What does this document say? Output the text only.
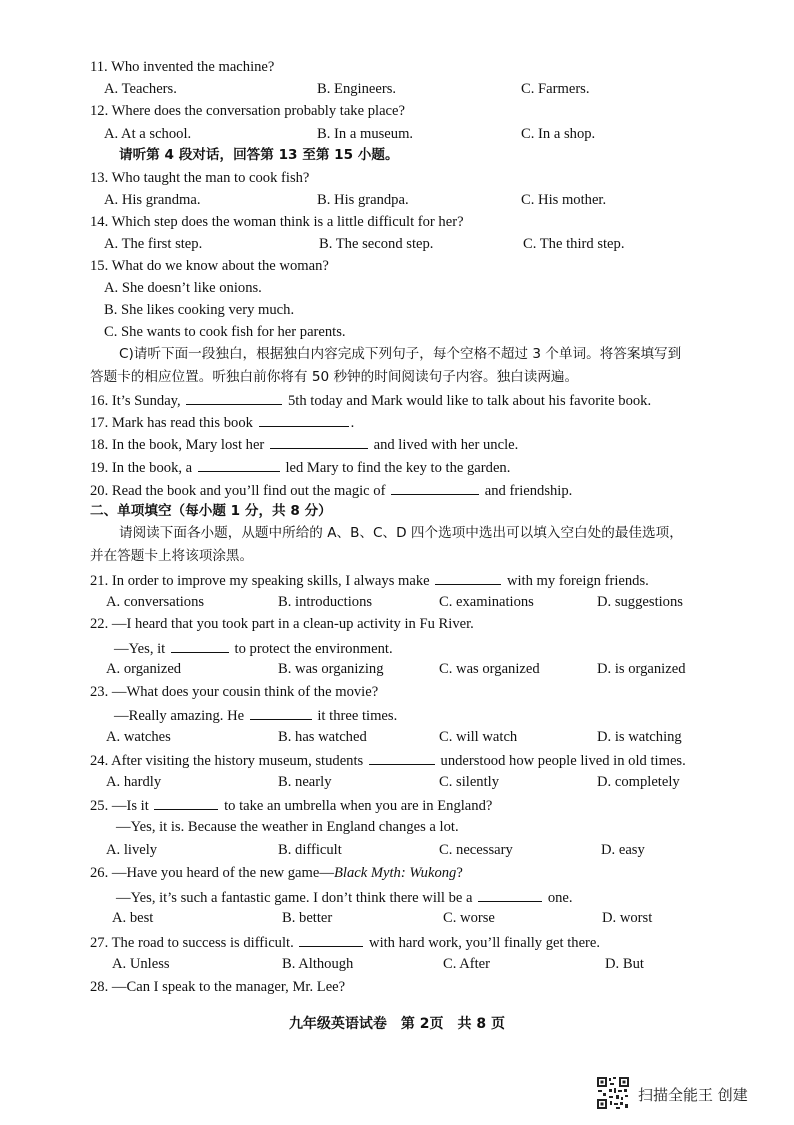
11. Who invented the machine?
A. Teachers.	B. Engineers.	C. Farmers.
12. Where does the conversation probably take place?
A. At a school.	B. In a museum.	C. In a shop.
请听第 4 段对话，回答第 13 至第 15 小题。
13. Who taught the man to cook fish?
A. His grandma.	B. His grandpa.	C. His mother.
14. Which step does the woman think is a little difficult for her?
A. The first step.	B. The second step.	C. The third step.
15. What do we know about the woman?
A. She doesn’t like onions.
B. She likes cooking very much.
C. She wants to cook fish for her parents.
C)请听下面一段独白，根据独白内容完成下列句子，每个空格不超过 3 个单词。将答案填写到
答题卡的相应位置。听独白前你将有 50 秒钟的时间阅读句子内容。独白读两遍。
16. It’s Sunday,	5th today and Mark would like to talk about his favorite book.
17. Mark has read this book	.
18. In the book, Mary lost her	and lived with her uncle.
19. In the book, a	led Mary to find the key to the garden.
20. Read the book and you’ll find out the magic of	and friendship.
二、单项填空（每小题 1 分，共 8 分）
请阅读下面各小题，从题中所给的 A、B、C、D 四个选项中选出可以填入空白处的最佳选项，
并在答题卡上将该项涂黑。
21. In order to improve my speaking skills, I always make	with my foreign friends.
A. conversations	B. introductions	C. examinations	D. suggestions
22. —I heard that you took part in a clean-up activity in Fu River.
—Yes, it	to protect the environment.
A. organized	B. was organizing	C. was organized	D. is organized
23. —What does your cousin think of the movie?
—Really amazing. He	it three times.
A. watches	B. has watched	C. will watch	D. is watching
24. After visiting the history museum, students	understood how people lived in old times.
A. hardly	B. nearly	C. silently	D. completely
25. —Is it	to take an umbrella when you are in England?
—Yes, it is. Because the weather in England changes a lot.
A. lively	B. difficult	C. necessary	D. easy
26. —Have you heard of the new game—Black Myth: Wukong?
—Yes, it’s such a fantastic game. I don’t think there will be a	one.
A. best	B. better	C. worse	D. worst
27. The road to success is difficult.	with hard work, you’ll finally get there.
A. Unless	B. Although	C. After	D. But
28. —Can I speak to the manager, Mr. Lee?
九年级英语试卷　第 2页　共 8 页
扫描全能王 创建
